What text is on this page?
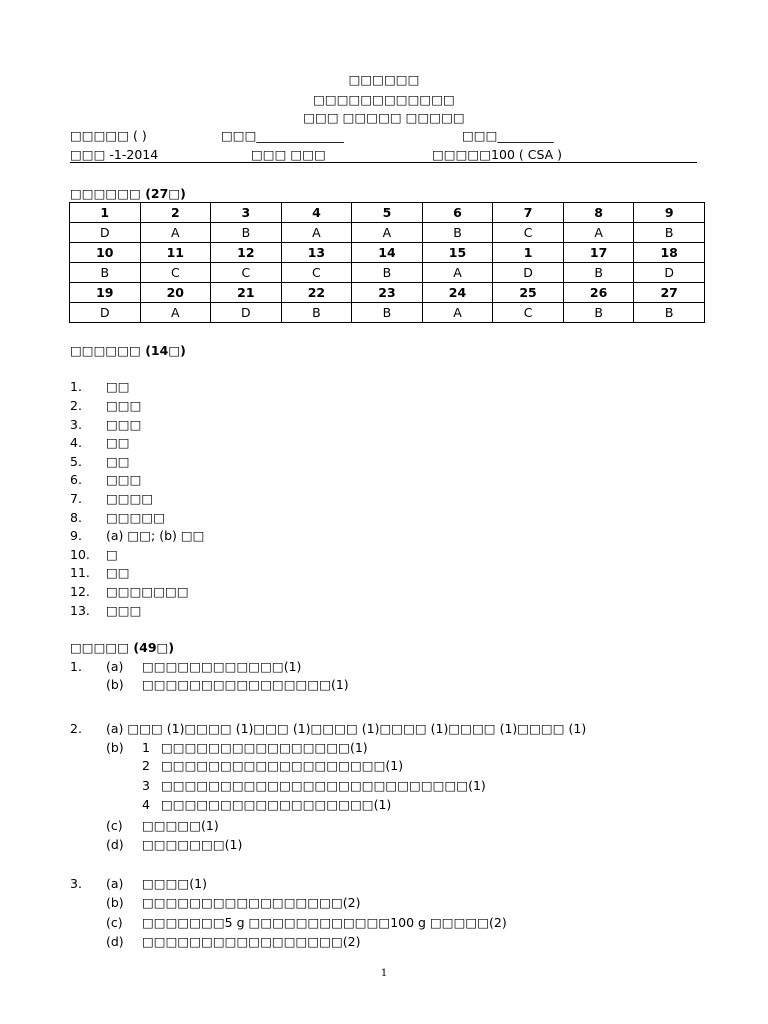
□□□□□□
□□□□□□□□□□□□
□□□ □□□□□ □□□□□
□□□□□ ( )	□□□______________	□□□_________
□□□ -1-2014	□□□ □□□	□□□□□100 ( CSA )
□□□□□□ (27□)
1	2	3	4	5	6	7	8	9
D	A	B	A	A	B	C	A	B
10	11	12	13	14	15	1	17	18
B	C	C	C	B	A	D	B	D
19	20	21	22	23	24	25	26	27
D	A	D	B	B	A	C	B	B
□□□□□□ (14□)
1. □□
2. □□□
3. □□□
4. □□
5. □□
6. □□□
7. □□□□
8. □□□□□
9. (a) □□; (b) □□
10. □
11. □□
12. □□□□□□□
13. □□□
□□□□□ (49□)
1. (a) □□□□□□□□□□□□(1)
(b) □□□□□□□□□□□□□□□□(1)
2. (a) □□□ (1)□□□□ (1)□□□ (1)□□□□ (1)□□□□ (1)□□□□ (1)□□□□ (1)
(b) 1 □□□□□□□□□□□□□□□□(1)
2 □□□□□□□□□□□□□□□□□□□(1)
3 □□□□□□□□□□□□□□□□□□□□□□□□□□(1)
4 □□□□□□□□□□□□□□□□□□(1)
(c) □□□□□(1)
(d) □□□□□□□(1)
3. (a) □□□□(1)
(b) □□□□□□□□□□□□□□□□□(2)
(c) □□□□□□□5 g □□□□□□□□□□□□100 g □□□□□(2)
(d) □□□□□□□□□□□□□□□□□(2)
1
